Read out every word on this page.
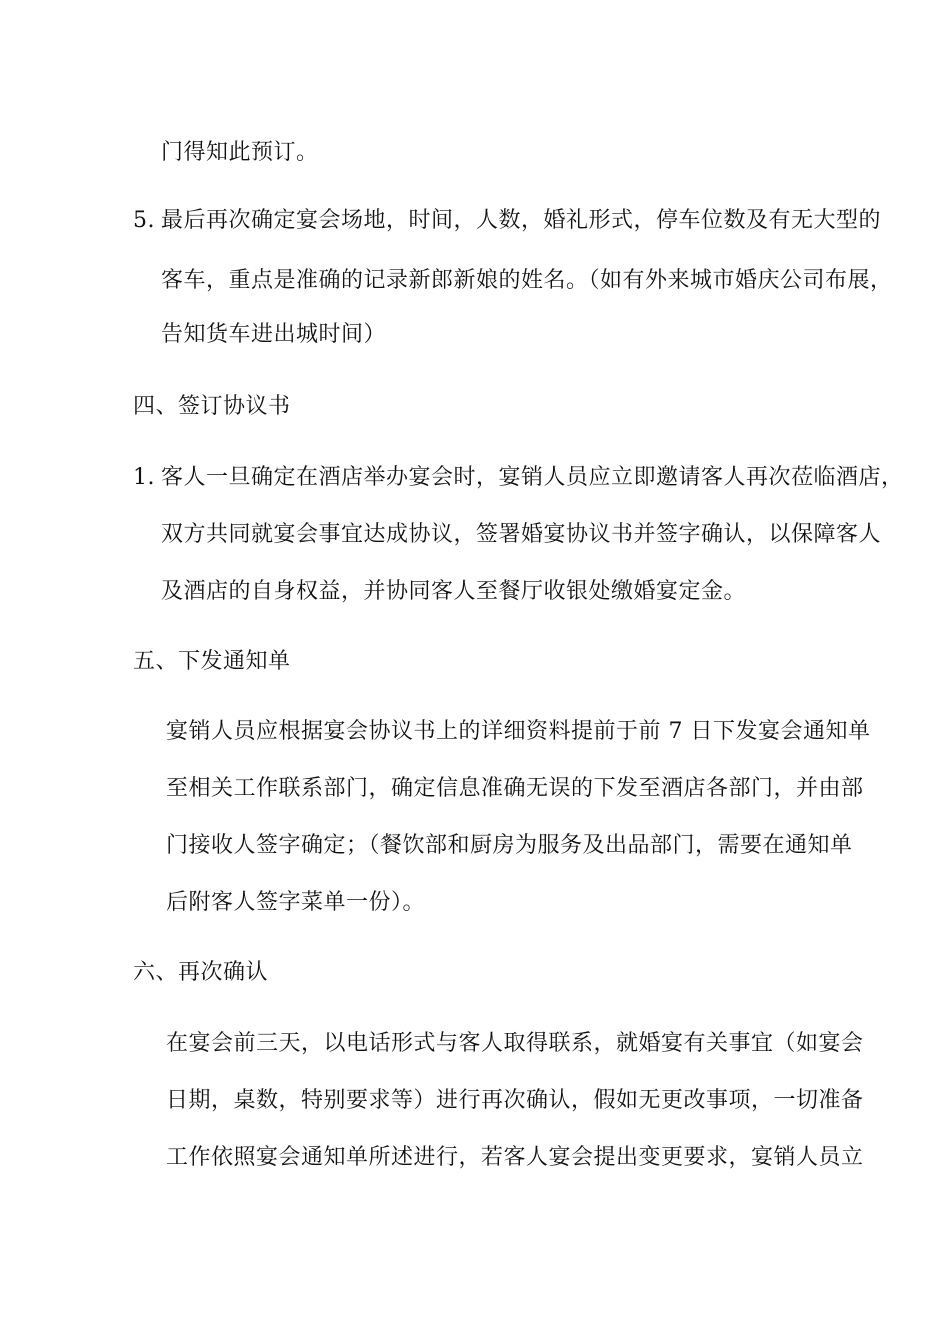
门得知此预订。
5. 最后再次确定宴会场地，时间，人数，婚礼形式，停车位数及有无大型的
客车，重点是准确的记录新郎新娘的姓名。（如有外来城市婚庆公司布展，
告知货车进出城时间）
四、签订协议书
1. 客人一旦确定在酒店举办宴会时，宴销人员应立即邀请客人再次莅临酒店，
双方共同就宴会事宜达成协议，签署婚宴协议书并签字确认，以保障客人
及酒店的自身权益，并协同客人至餐厅收银处缴婚宴定金。
五、下发通知单
宴销人员应根据宴会协议书上的详细资料提前于前 7 日下发宴会通知单
至相关工作联系部门，确定信息准确无误的下发至酒店各部门，并由部
门接收人签字确定；（餐饮部和厨房为服务及出品部门，需要在通知单
后附客人签字菜单一份）。
六、再次确认
在宴会前三天，以电话形式与客人取得联系，就婚宴有关事宜（如宴会
日期，桌数，特别要求等）进行再次确认，假如无更改事项，一切准备
工作依照宴会通知单所述进行，若客人宴会提出变更要求，宴销人员立
